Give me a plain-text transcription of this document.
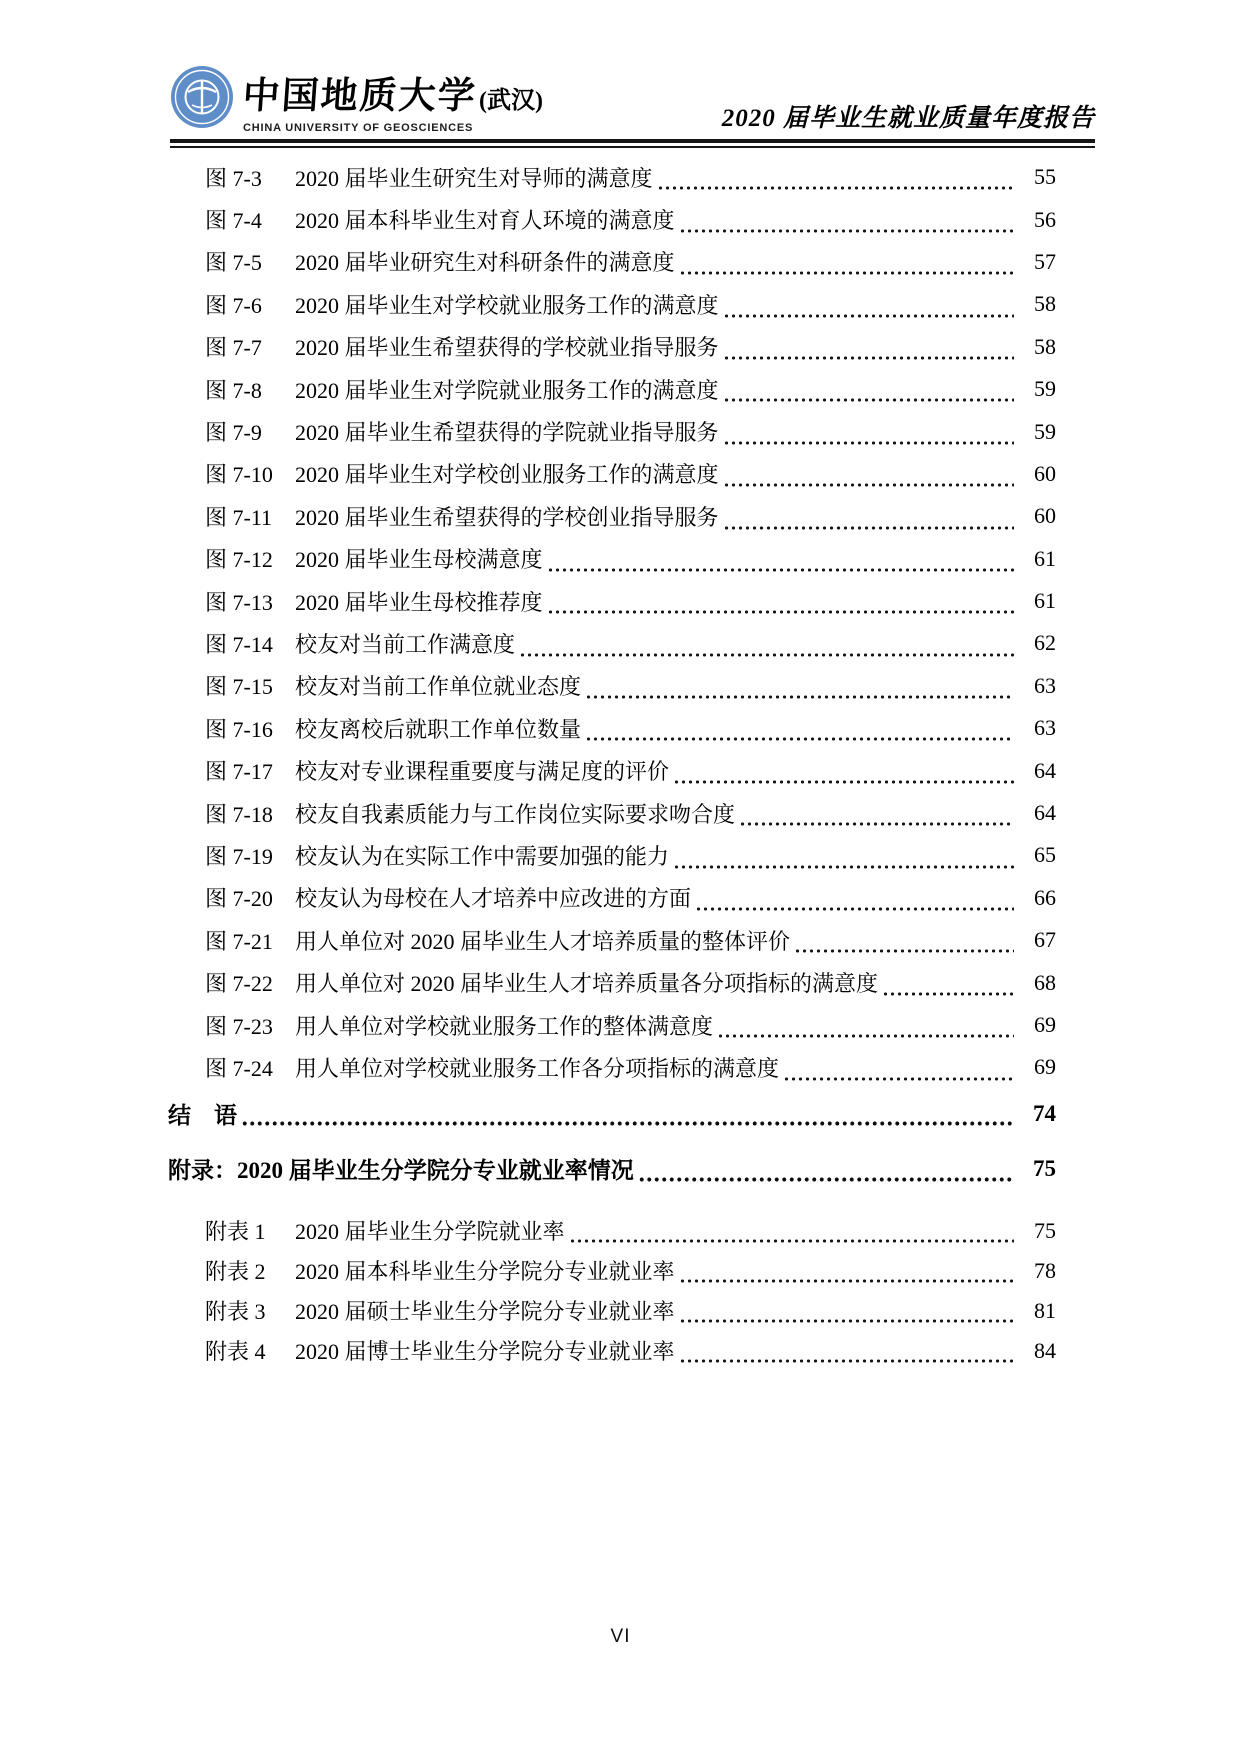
中国地质大学 (武汉)
CHINA UNIVERSITY OF GEOSCIENCES	2020 届毕业生就业质量年度报告
图 7-3	2020 届毕业生研究生对导师的满意度	55
图 7-4	2020 届本科毕业生对育人环境的满意度	56
图 7-5	2020 届毕业研究生对科研条件的满意度	57
图 7-6	2020 届毕业生对学校就业服务工作的满意度	58
图 7-7	2020 届毕业生希望获得的学校就业指导服务	58
图 7-8	2020 届毕业生对学院就业服务工作的满意度	59
图 7-9	2020 届毕业生希望获得的学院就业指导服务	59
图 7-10	2020 届毕业生对学校创业服务工作的满意度	60
图 7-11	2020 届毕业生希望获得的学校创业指导服务	60
图 7-12	2020 届毕业生母校满意度	61
图 7-13	2020 届毕业生母校推荐度	61
图 7-14	校友对当前工作满意度	62
图 7-15	校友对当前工作单位就业态度	63
图 7-16	校友离校后就职工作单位数量	63
图 7-17	校友对专业课程重要度与满足度的评价	64
图 7-18	校友自我素质能力与工作岗位实际要求吻合度	64
图 7-19	校友认为在实际工作中需要加强的能力	65
图 7-20	校友认为母校在人才培养中应改进的方面	66
图 7-21	用人单位对 2020 届毕业生人才培养质量的整体评价	67
图 7-22	用人单位对 2020 届毕业生人才培养质量各分项指标的满意度	68
图 7-23	用人单位对学校就业服务工作的整体满意度	69
图 7-24	用人单位对学校就业服务工作各分项指标的满意度	69
结　语	74
附录：2020 届毕业生分学院分专业就业率情况	75
附表 1	2020 届毕业生分学院就业率	75
附表 2	2020 届本科毕业生分学院分专业就业率	78
附表 3	2020 届硕士毕业生分学院分专业就业率	81
附表 4	2020 届博士毕业生分学院分专业就业率	84
VI
